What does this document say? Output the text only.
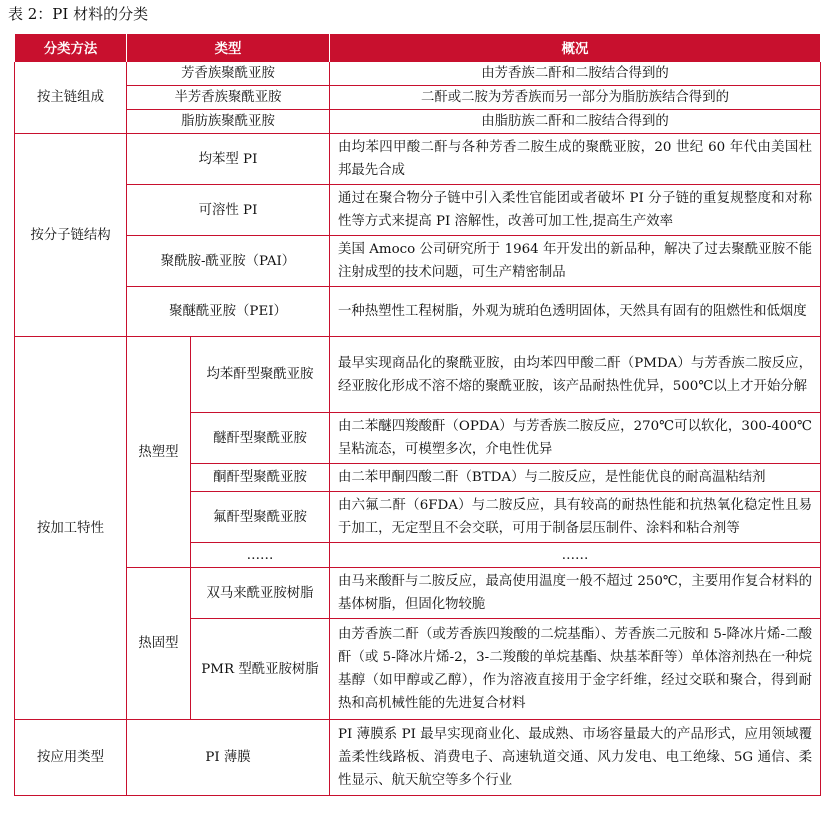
表 2：PI 材料的分类
分类方法	类型		概况
按主链组成	芳香族聚酰亚胺		由芳香族二酐和二胺结合得到的
	半芳香族聚酰亚胺		二酐或二胺为芳香族而另一部分为脂肪族结合得到的
	脂肪族聚酰亚胺		由脂肪族二酐和二胺结合得到的
按分子链结构	均苯型 PI		由均苯四甲酸二酐与各种芳香二胺生成的聚酰亚胺，20 世纪 60 年代由美国杜邦最先合成
	可溶性 PI		通过在聚合物分子链中引入柔性官能团或者破坏 PI 分子链的重复规整度和对称性等方式来提高 PI 溶解性，改善可加工性,提高生产效率
	聚酰胺-酰亚胺（PAI）		美国 Amoco 公司研究所于 1964 年开发出的新品种，解决了过去聚酰亚胺不能注射成型的技术问题，可生产精密制品
	聚醚酰亚胺（PEI）		一种热塑性工程树脂，外观为琥珀色透明固体，天然具有固有的阻燃性和低烟度
按加工特性	热塑型	均苯酐型聚酰亚胺	最早实现商品化的聚酰亚胺，由均苯四甲酸二酐（PMDA）与芳香族二胺反应，经亚胺化形成不溶不熔的聚酰亚胺，该产品耐热性优异，500℃以上才开始分解
		醚酐型聚酰亚胺	由二苯醚四羧酸酐（OPDA）与芳香族二胺反应，270℃可以软化，300-400℃呈粘流态，可模塑多次，介电性优异
		酮酐型聚酰亚胺	由二苯甲酮四酸二酐（BTDA）与二胺反应，是性能优良的耐高温粘结剂
		氟酐型聚酰亚胺	由六氟二酐（6FDA）与二胺反应，具有较高的耐热性能和抗热氧化稳定性且易于加工，无定型且不会交联，可用于制备层压制件、涂料和粘合剂等
		……	……
	热固型	双马来酰亚胺树脂	由马来酸酐与二胺反应，最高使用温度一般不超过 250℃，主要用作复合材料的基体树脂，但固化物较脆
		PMR 型酰亚胺树脂	由芳香族二酐（或芳香族四羧酸的二烷基酯）、芳香族二元胺和 5-降冰片烯-二酸酐（或 5-降冰片烯-2，3-二羧酸的单烷基酯、炔基苯酐等）单体溶剂热在一种烷基醇（如甲醇或乙醇），作为溶液直接用于金字纤维，经过交联和聚合，得到耐热和高机械性能的先进复合材料
按应用类型	PI 薄膜		PI 薄膜系 PI 最早实现商业化、最成熟、市场容量最大的产品形式，应用领域覆盖柔性线路板、消费电子、高速轨道交通、风力发电、电工绝缘、5G 通信、柔性显示、航天航空等多个行业
